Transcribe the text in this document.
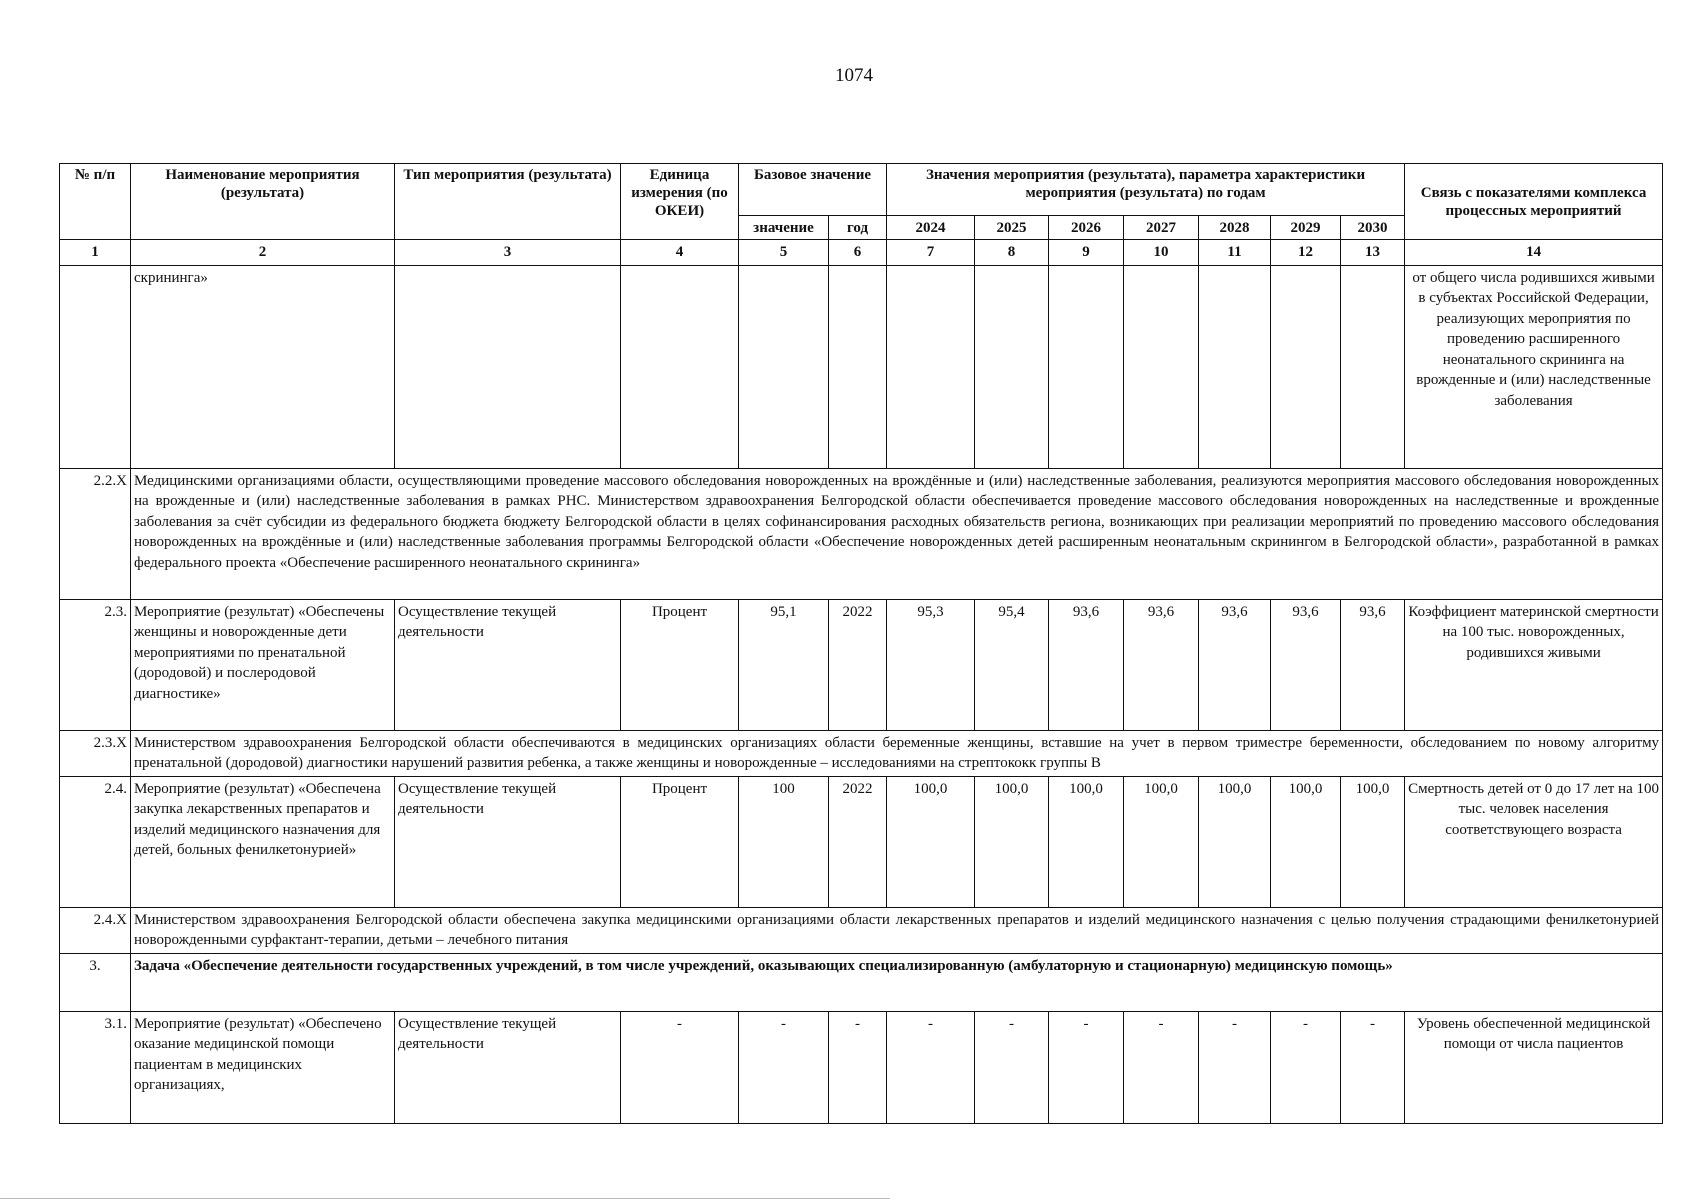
1074
№ п/п	Наименование мероприятия (результата)	Тип мероприятия (результата)	Единица измерения (по ОКЕИ)	Базовое значение		Значения мероприятия (результата), параметра характеристики мероприятия (результата) по годам							Связь с показателями комплекса процессных мероприятий
				значение	год	2024	2025	2026	2027	2028	2029	2030	
1	2	3	4	5	6	7	8	9	10	11	12	13	14
	скрининга»												от общего числа родившихся живыми в субъектах Российской Федерации, реализующих мероприятия по проведению расширенного неонатального скрининга на врожденные и (или) наследственные заболевания
2.2.X	Медицинскими организациями области, осуществляющими проведение массового обследования новорожденных на врождённые и (или) наследственные заболевания, реализуются мероприятия массового обследования новорожденных на врожденные и (или) наследственные заболевания в рамках РНС. Министерством здравоохранения Белгородской области обеспечивается проведение массового обследования новорожденных на наследственные и врожденные заболевания за счёт субсидии из федерального бюджета бюджету Белгородской области в целях софинансирования расходных обязательств региона, возникающих при реализации мероприятий по проведению массового обследования новорожденных на врождённые и (или) наследственные заболевания программы Белгородской области «Обеспечение новорожденных детей расширенным неонатальным скринингом в Белгородской области», разработанной в рамках федерального проекта «Обеспечение расширенного неонатального скрининга»												
2.3.	Мероприятие (результат) «Обеспечены женщины и новорожденные дети мероприятиями по пренатальной (дородовой) и послеродовой диагностике»	Осуществление текущей деятельности	Процент	95,1	2022	95,3	95,4	93,6	93,6	93,6	93,6	93,6	Коэффициент материнской смертности на 100 тыс. новорожденных, родившихся живыми
2.3.X	Министерством здравоохранения Белгородской области обеспечиваются в медицинских организациях области беременные женщины, вставшие на учет в первом триместре беременности, обследованием по новому алгоритму пренатальной (дородовой) диагностики нарушений развития ребенка, а также женщины и новорожденные – исследованиями на стрептококк группы В												
2.4.	Мероприятие (результат) «Обеспечена закупка лекарственных препаратов и изделий медицинского назначения для детей, больных фенилкетонурией»	Осуществление текущей деятельности	Процент	100	2022	100,0	100,0	100,0	100,0	100,0	100,0	100,0	Смертность детей от 0 до 17 лет на 100 тыс. человек населения соответствующего возраста
2.4.X	Министерством здравоохранения Белгородской области обеспечена закупка медицинскими организациями области лекарственных препаратов и изделий медицинского назначения с целью получения страдающими фенилкетонурией новорожденными сурфактант-терапии, детьми – лечебного питания												
3.	Задача «Обеспечение деятельности государственных учреждений, в том числе учреждений, оказывающих специализированную (амбулаторную и стационарную) медицинскую помощь»												
3.1.	Мероприятие (результат) «Обеспечено оказание медицинской помощи пациентам в медицинских организациях,	Осуществление текущей деятельности	-	-	-	-	-	-	-	-	-	-	Уровень обеспеченной медицинской помощи от числа пациентов
